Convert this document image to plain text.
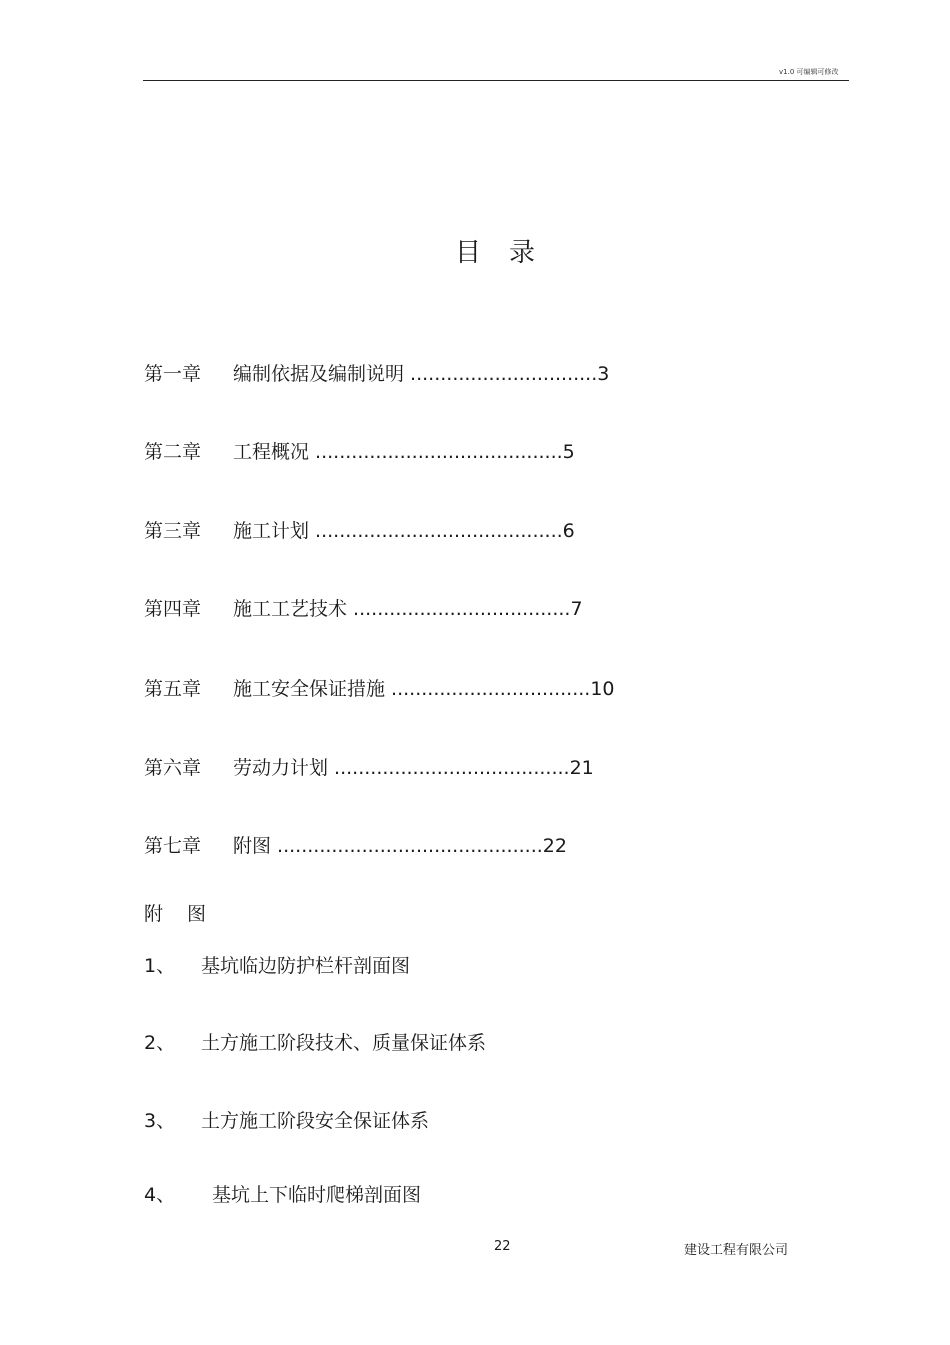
v1.0 可编辑可修改
目录
第一章 编制依据及编制说明 ...............................3
第二章 工程概况 .........................................5
第三章 施工计划 .........................................6
第四章 施工工艺技术 ....................................7
第五章 施工安全保证措施 .................................10
第六章 劳动力计划 .......................................21
第七章 附图 ............................................22
附图
1、 基坑临边防护栏杆剖面图
2、 土方施工阶段技术、质量保证体系
3、 土方施工阶段安全保证体系
4、 基坑上下临时爬梯剖面图
22	建设工程有限公司
